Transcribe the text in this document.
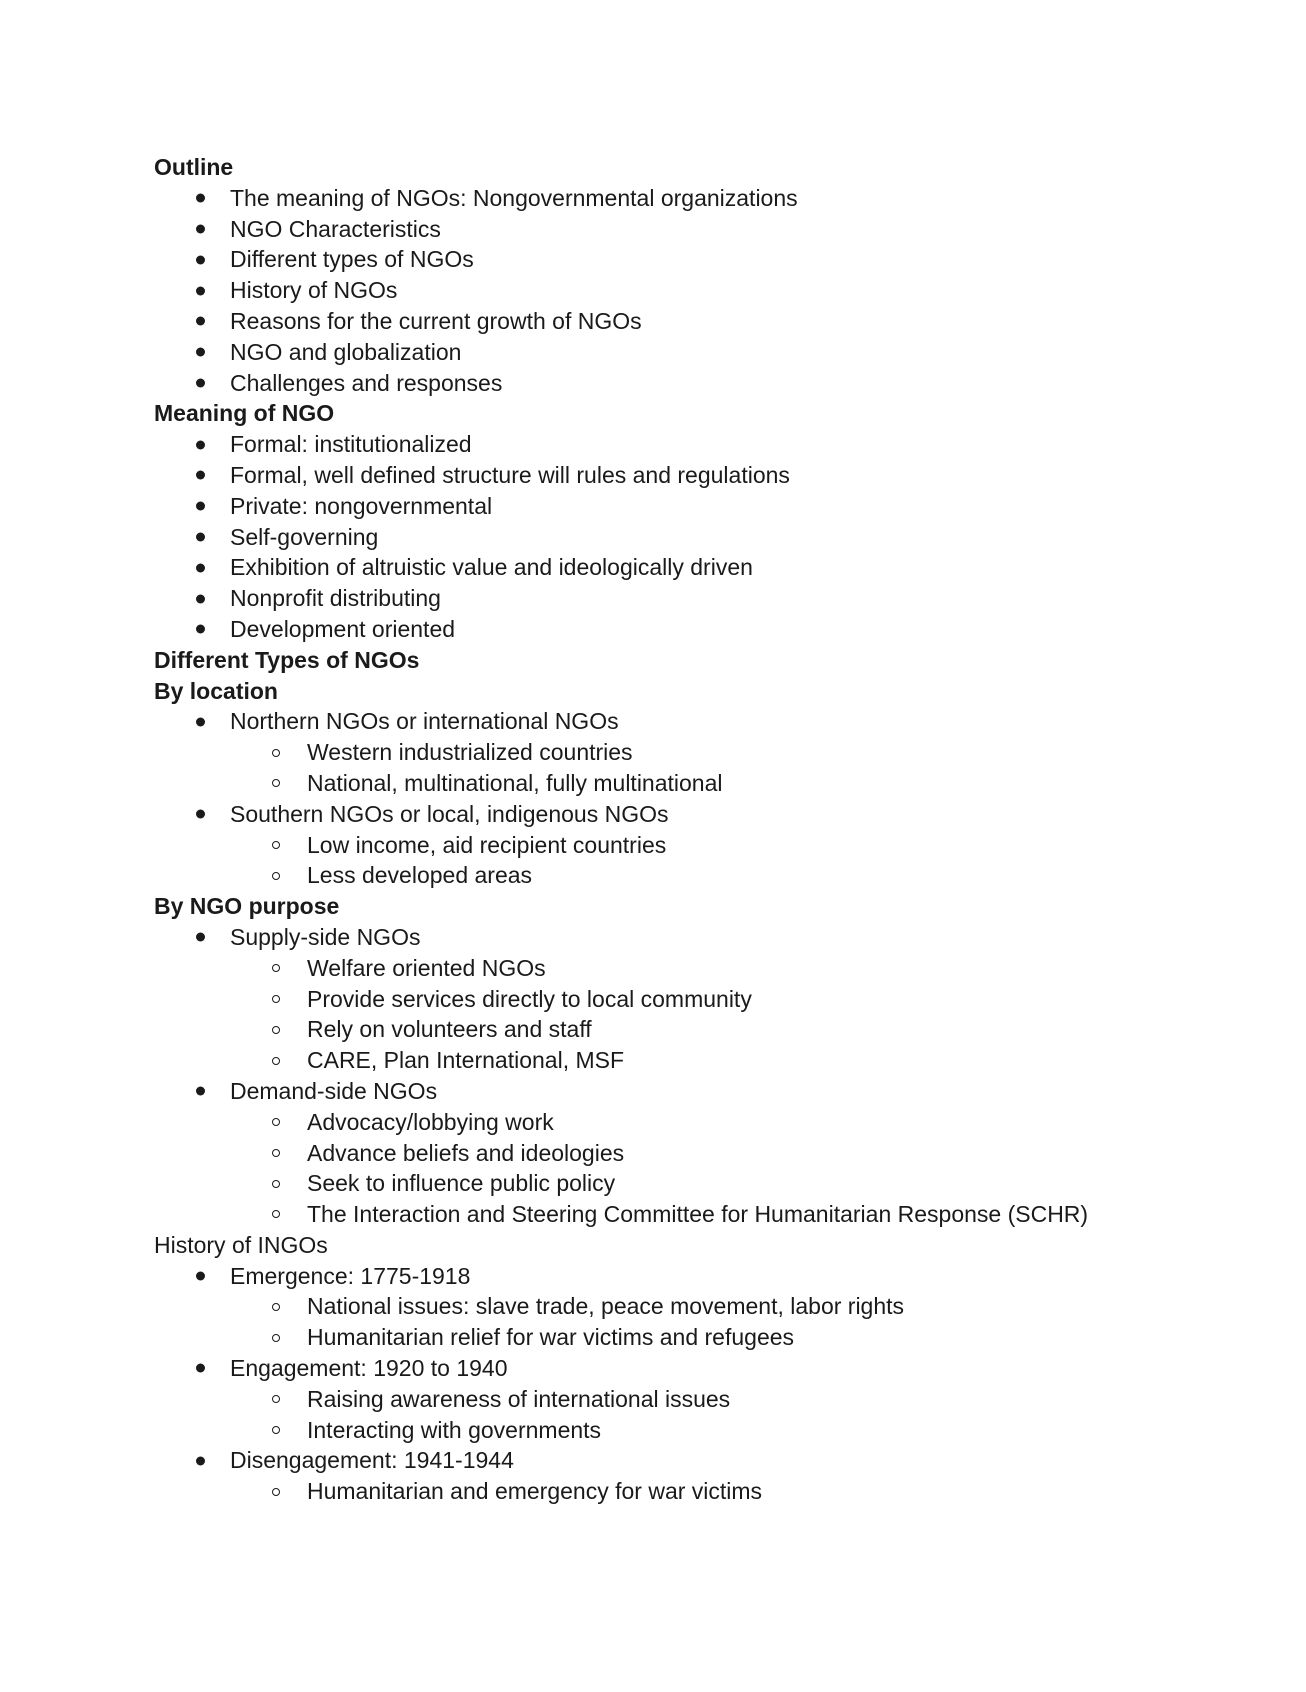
Outline
The meaning of NGOs: Nongovernmental organizations
NGO Characteristics
Different types of NGOs
History of NGOs
Reasons for the current growth of NGOs
NGO and globalization
Challenges and responses
Meaning of NGO
Formal: institutionalized
Formal, well defined structure will rules and regulations
Private: nongovernmental
Self-governing
Exhibition of altruistic value and ideologically driven
Nonprofit distributing
Development oriented
Different Types of NGOs
By location
Northern NGOs or international NGOs
Western industrialized countries
National, multinational, fully multinational
Southern NGOs or local, indigenous NGOs
Low income, aid recipient countries
Less developed areas
By NGO purpose
Supply-side NGOs
Welfare oriented NGOs
Provide services directly to local community
Rely on volunteers and staff
CARE, Plan International, MSF
Demand-side NGOs
Advocacy/lobbying work
Advance beliefs and ideologies
Seek to influence public policy
The Interaction and Steering Committee for Humanitarian Response (SCHR)
History of INGOs
Emergence: 1775-1918
National issues: slave trade, peace movement, labor rights
Humanitarian relief for war victims and refugees
Engagement: 1920 to 1940
Raising awareness of international issues
Interacting with governments
Disengagement: 1941-1944
Humanitarian and emergency for war victims
